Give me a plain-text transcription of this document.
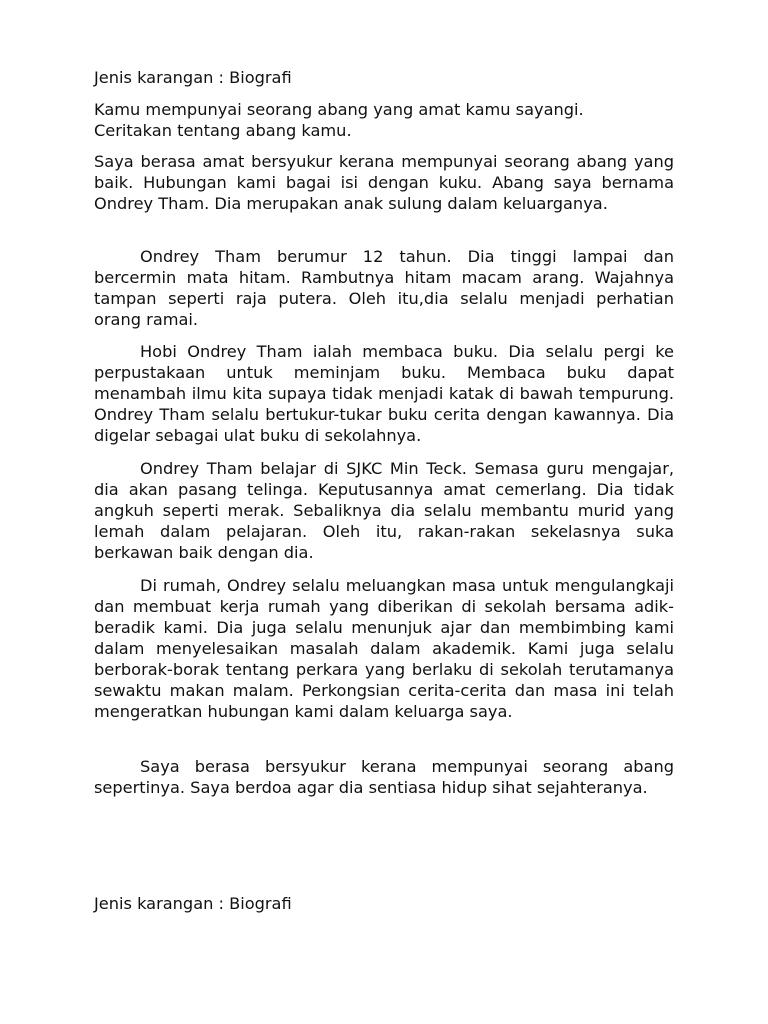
Jenis karangan : Biografi

Kamu mempunyai seorang abang yang amat kamu sayangi.

Ceritakan tentang abang kamu.

Saya berasa amat bersyukur kerana mempunyai seorang abang yang baik. Hubungan kami bagai isi dengan kuku. Abang saya bernama Ondrey Tham. Dia merupakan anak sulung dalam keluarganya.

Ondrey Tham berumur 12 tahun. Dia tinggi lampai dan bercermin mata hitam. Rambutnya hitam macam arang. Wajahnya tampan seperti raja putera. Oleh itu,dia selalu menjadi perhatian orang ramai.

Hobi Ondrey Tham ialah membaca buku. Dia selalu pergi ke perpustakaan untuk meminjam buku. Membaca buku dapat menambah ilmu kita supaya tidak menjadi katak di bawah tempurung. Ondrey Tham selalu bertukur-tukar buku cerita dengan kawannya. Dia digelar sebagai ulat buku di sekolahnya.

Ondrey Tham belajar di SJKC Min Teck. Semasa guru mengajar, dia akan pasang telinga. Keputusannya amat cemerlang. Dia tidak angkuh seperti merak. Sebaliknya dia selalu membantu murid yang lemah dalam pelajaran. Oleh itu, rakan-rakan sekelasnya suka berkawan baik dengan dia.

Di rumah, Ondrey selalu meluangkan masa untuk mengulangkaji dan membuat kerja rumah yang diberikan di sekolah bersama adik-beradik kami. Dia juga selalu menunjuk ajar dan membimbing kami dalam menyelesaikan masalah dalam akademik. Kami juga selalu berborak-borak tentang perkara yang berlaku di sekolah terutamanya sewaktu makan malam. Perkongsian cerita-cerita dan masa ini telah mengeratkan hubungan kami dalam keluarga saya.

Saya berasa bersyukur kerana mempunyai seorang abang sepertinya. Saya berdoa agar dia sentiasa hidup sihat sejahteranya.

Jenis karangan : Biografi
